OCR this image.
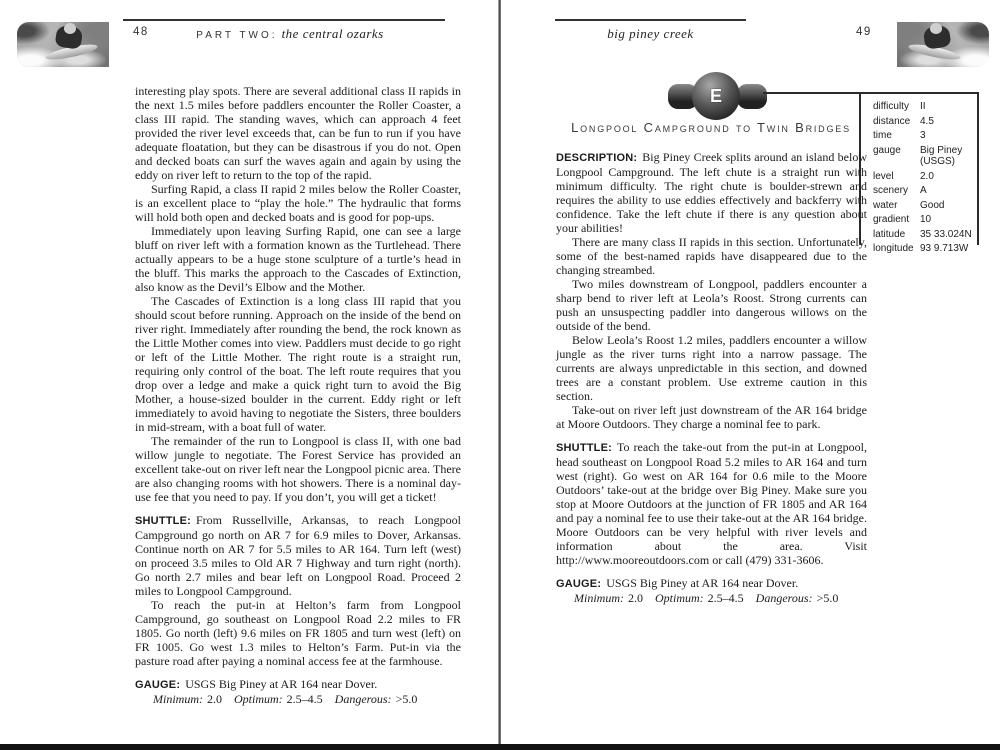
48	PART TWO: the central ozarks

interesting play spots. There are several additional class II rapids in the next 1.5 miles before paddlers encounter the Roller Coaster, a class III rapid. The standing waves, which can approach 4 feet provided the river level exceeds that, can be fun to run if you have adequate floatation, but they can be disastrous if you do not. Open and decked boats can surf the waves again and again by using the eddy on river left to return to the top of the rapid.

Surfing Rapid, a class II rapid 2 miles below the Roller Coaster, is an excellent place to “play the hole.” The hydraulic that forms will hold both open and decked boats and is good for pop-ups.

Immediately upon leaving Surfing Rapid, one can see a large bluff on river left with a formation known as the Turtlehead. There actually appears to be a huge stone sculpture of a turtle’s head in the bluff. This marks the approach to the Cascades of Extinction, also know as the Devil’s Elbow and the Mother.

The Cascades of Extinction is a long class III rapid that you should scout before running. Approach on the inside of the bend on river right. Immediately after rounding the bend, the rock known as the Little Mother comes into view. Paddlers must decide to go right or left of the Little Mother. The right route is a straight run, requiring only control of the boat. The left route requires that you drop over a ledge and make a quick right turn to avoid the Big Mother, a house-sized boulder in the current. Eddy right or left immediately to avoid having to negotiate the Sisters, three boulders in mid-stream, with a boat full of water.

The remainder of the run to Longpool is class II, with one bad willow jungle to negotiate. The Forest Service has provided an excellent take-out on river left near the Longpool picnic area. There are also changing rooms with hot showers. There is a nominal day-use fee that you need to pay. If you don’t, you will get a ticket!

SHUTTLE: From Russellville, Arkansas, to reach Longpool Campground go north on AR 7 for 6.9 miles to Dover, Arkansas. Continue north on AR 7 for 5.5 miles to AR 164. Turn left (west) on proceed 3.5 miles to Old AR 7 Highway and turn right (north). Go north 2.7 miles and bear left on Longpool Road. Proceed 2 miles to Longpool Campground.

To reach the put-in at Helton’s farm from Longpool Campground, go southeast on Longpool Road 2.2 miles to FR 1805. Go north (left) 9.6 miles on FR 1805 and turn west (left) on FR 1005. Go west 1.3 miles to Helton’s Farm. Put-in via the pasture road after paying a nominal access fee at the farmhouse.

GAUGE: USGS Big Piney at AR 164 near Dover.

Minimum: 2.0 Optimum: 2.5–4.5 Dangerous: >5.0

big piney creek	49
E
Longpool Campground to Twin Bridges
difficulty	II
distance 4.5
time	3
gauge	Big Piney (USGS)
level	2.0
scenery	A
water	Good
gradient	10
latitude	35 33.024N
longitude 93 9.713W

DESCRIPTION: Big Piney Creek splits around an island below Longpool Campground. The left chute is a straight run with minimum difficulty. The right chute is boulder-strewn and requires the ability to use eddies effectively and backferry with confidence. Take the left chute if there is any question about your abilities!

There are many class II rapids in this section. Unfortunately, some of the best-named rapids have disappeared due to the changing streambed.

Two miles downstream of Longpool, paddlers encounter a sharp bend to river left at Leola’s Roost. Strong currents can push an unsuspecting paddler into dangerous willows on the outside of the bend.

Below Leola’s Roost 1.2 miles, paddlers encounter a willow jungle as the river turns right into a narrow passage. The currents are always unpredictable in this section, and downed trees are a constant problem. Use extreme caution in this section.

Take-out on river left just downstream of the AR 164 bridge at Moore Outdoors. They charge a nominal fee to park.

SHUTTLE: To reach the take-out from the put-in at Longpool, head southeast on Longpool Road 5.2 miles to AR 164 and turn west (right). Go west on AR 164 for 0.6 mile to the Moore Outdoors’ take-out at the bridge over Big Piney. Make sure you stop at Moore Outdoors at the junction of FR 1805 and AR 164 and pay a nominal fee to use their take-out at the AR 164 bridge. Moore Outdoors can be very helpful with river levels and information about the area. Visit http://www.mooreoutdoors.com or call (479) 331-3606.

GAUGE: USGS Big Piney at AR 164 near Dover.

Minimum: 2.0 Optimum: 2.5–4.5 Dangerous: >5.0
